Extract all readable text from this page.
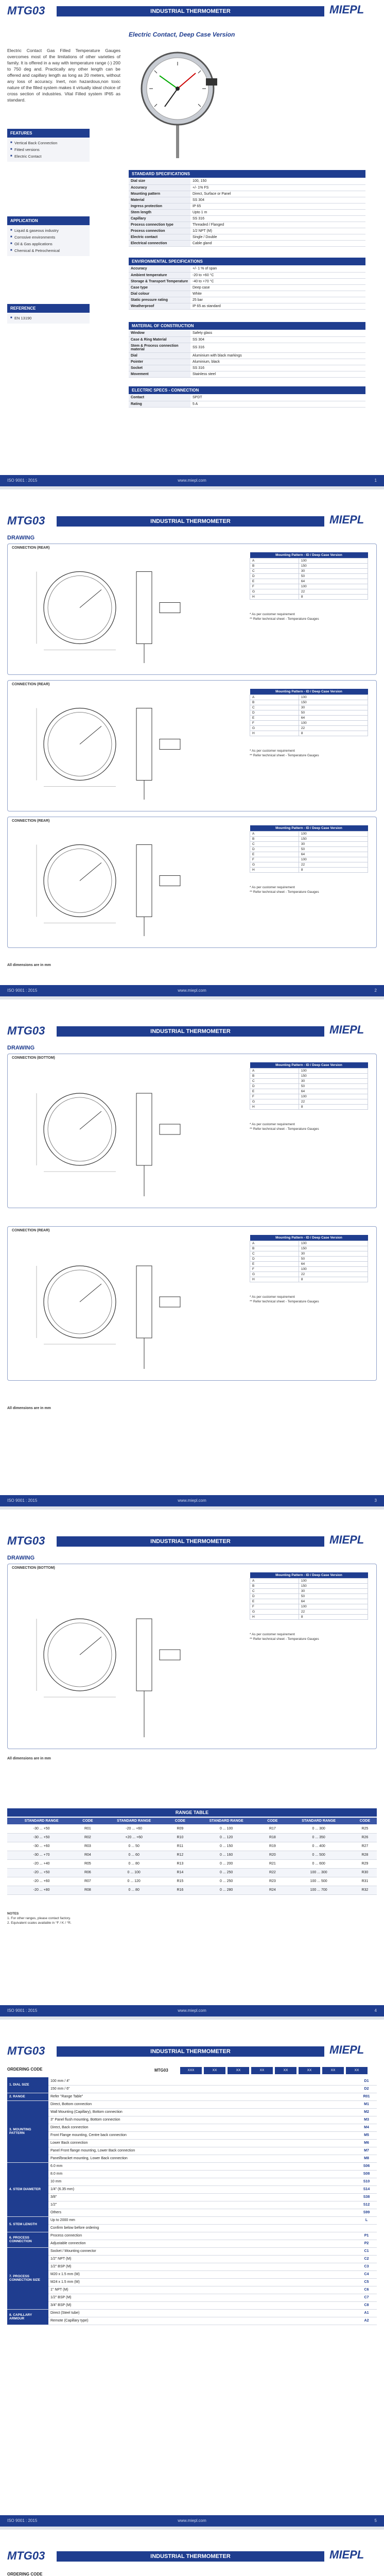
MTG03	INDUSTRIAL THERMOMETER	MIEPL
Electric Contact, Deep Case Version
Electric Contact Gas Filled Temperature Gauges overcomes most of the limitations of other varieties of family. It is offered in a way with temperature range (-) 200 to 750 deg and. Practically any other length can be offered and capillary length as long as 20 meters, without any loss of accuracy. Inert, non hazardous,non toxic nature of the filled system makes it virtually ideal choice of cross section of industries. Vital Filled system IP65 as standard.
FEATURES
■ Vertical Back Connection
■ Fitted versions
■ Electric Contact
APPLICATION
■ Liquid & gaseous industry
■ Corrosive environments
■ Oil & Gas applications
■ Chemical & Petrochemical
REFERENCE
■ EN 13190
STANDARD SPECIFICATIONS
Dial size	100, 150
Accuracy	+/- 1% FS
Mounting pattern	Direct, Surface or Panel
Material	SS 304
Ingress protection	IP 65
Stem length	Upto 1 m
Capillary	SS 316
Process connection type	Threaded / Flanged
Process connection	1/2 NPT (M)
Electric contact	Single / Double
Electrical connection	Cable gland
ENVIRONMENTAL SPECIFICATIONS
Accuracy	+/- 1 % of span
Ambient temperature	-20 to +60 °C
Storage & Transport Temperature	-40 to +70 °C
Case type	Deep case
Dial colour	White
Static pressure rating	25 bar
Weatherproof	IP 65 as standard
MATERIAL OF CONSTRUCTION
Window	Safety glass
Case & Ring Material	SS 304
Stem & Process connection material	SS 316
Dial	Aluminium with black markings
Pointer	Aluminium, black
Socket	SS 316
Movement	Stainless steel
ELECTRIC SPECS - CONNECTION
Contact	SPDT
Rating	5 A
ISO 9001 : 2015	www.miepl.com	1
MTG03	INDUSTRIAL THERMOMETER	MIEPL
DRAWING
CONNECTION (REAR)
Mounting Pattern - ID / Deep Case Version	
A	100
B	150
C	30
D	50
E	64
F	100
G	22
H	8
* As per customer requirement
** Refer technical sheet - Temperature Gauges
CONNECTION (REAR)
Mounting Pattern - ID / Deep Case Version	
A	100
B	150
C	30
D	50
E	64
F	100
G	22
H	8
* As per customer requirement
** Refer technical sheet - Temperature Gauges
CONNECTION (REAR)
Mounting Pattern - ID / Deep Case Version	
A	100
B	150
C	30
D	50
E	64
F	100
G	22
H	8
* As per customer requirement
** Refer technical sheet - Temperature Gauges
All dimensions are in mm
ISO 9001 : 2015	www.miepl.com	2
MTG03	INDUSTRIAL THERMOMETER	MIEPL
DRAWING
CONNECTION (BOTTOM)
Mounting Pattern - ID / Deep Case Version	
A	100
B	150
C	30
D	50
E	64
F	100
G	22
H	8
* As per customer requirement
** Refer technical sheet - Temperature Gauges
CONNECTION (REAR)
Mounting Pattern - ID / Deep Case Version	
A	100
B	150
C	30
D	50
E	64
F	100
G	22
H	8
* As per customer requirement
** Refer technical sheet - Temperature Gauges
All dimensions are in mm
ISO 9001 : 2015	www.miepl.com	3
MTG03	INDUSTRIAL THERMOMETER	MIEPL
DRAWING
CONNECTION (BOTTOM)
Mounting Pattern - ID / Deep Case Version	
A	100
B	150
C	30
D	50
E	64
F	100
G	22
H	8
* As per customer requirement
** Refer technical sheet - Temperature Gauges
All dimensions are in mm
ISO 9001 : 2015	www.miepl.com	4
RANGE TABLE
STANDARD RANGE	CODE	STANDARD RANGE	CODE	STANDARD RANGE	CODE	STANDARD RANGE	CODE
-30 ... +50	R01	-20 ... +60	R09	0 ... 100	R17	0 ... 300	R25
-30 ... +50	R02	+20 ... +60	R10	0 ... 120	R18	0 ... 350	R26
-30 ... +60	R03	0 ... 50	R11	0 ... 150	R19	0 ... 400	R27
-30 ... +70	R04	0 ... 60	R12	0 ... 160	R20	0 ... 500	R28
-20 ... +40	R05	0 ... 80	R13	0 ... 200	R21	0 ... 600	R29
-20 ... +50	R06	0 ... 100	R14	0 ... 250	R22	100 ... 300	R30
-20 ... +60	R07	0 ... 120	R15	0 ... 250	R23	100 ... 500	R31
-20 ... +80	R08	0 ... 80	R16	0 ... 280	R24	100 ... 700	R32
NOTES
1. For other ranges, please contact factory.
2. Equivalent scales available in °F / K / °R.
MTG03	INDUSTRIAL THERMOMETER	MIEPL
ORDERING CODE	MTG03	XXX	XX	XX	XX	XX	XX	XX	XX
1. DIAL SIZE	100 mm / 4"	D1
	150 mm / 6"	D2
2. RANGE	Refer "Range Table"	R01
3. MOUNTING PATTERN	Direct, Bottom connection	M1
	Wall Mounting (Capillary), Bottom connection	M2
	3" Panel flush mounting, Bottom connection	M3
	Direct, Back connection	M4
	Front Flange mounting, Centre back connection	M5
	Lower Back connection	M6
	Panel Front flange mounting, Lower Back connection	M7
	Panel/bracket mounting, Lower Back connection	M8
4. STEM DIAMETER	6.0 mm	S06
	8.0 mm	S08
	10 mm	S10
	1/4" (6.35 mm)	S14
	3/8"	S38
	1/2"	S12
	Others	S99
5. STEM LENGTH	Up to 2000 mm	L
	Confirm below before ordering	
6. PROCESS CONNECTION	Process connection	P1
	Adjustable connection	P2
7. PROCESS CONNECTION SIZE	Socket / Mounting connector	C1
	1/2" NPT (M)	C2
	1/2" BSP (M)	C3
	M20 x 1.5 mm (M)	C4
	M24 x 1.5 mm (M)	C5
	1" NPT (M)	C6
	1/2" BSP (M)	C7
	3/4" BSP (M)	C8
8. CAPILLARY ARMOUR	Direct (Steel tube)	A1
	Remote (Capillary type)	A2
ISO 9001 : 2015	www.miepl.com	5
MTG03	INDUSTRIAL THERMOMETER	MIEPL
ORDERING CODE
